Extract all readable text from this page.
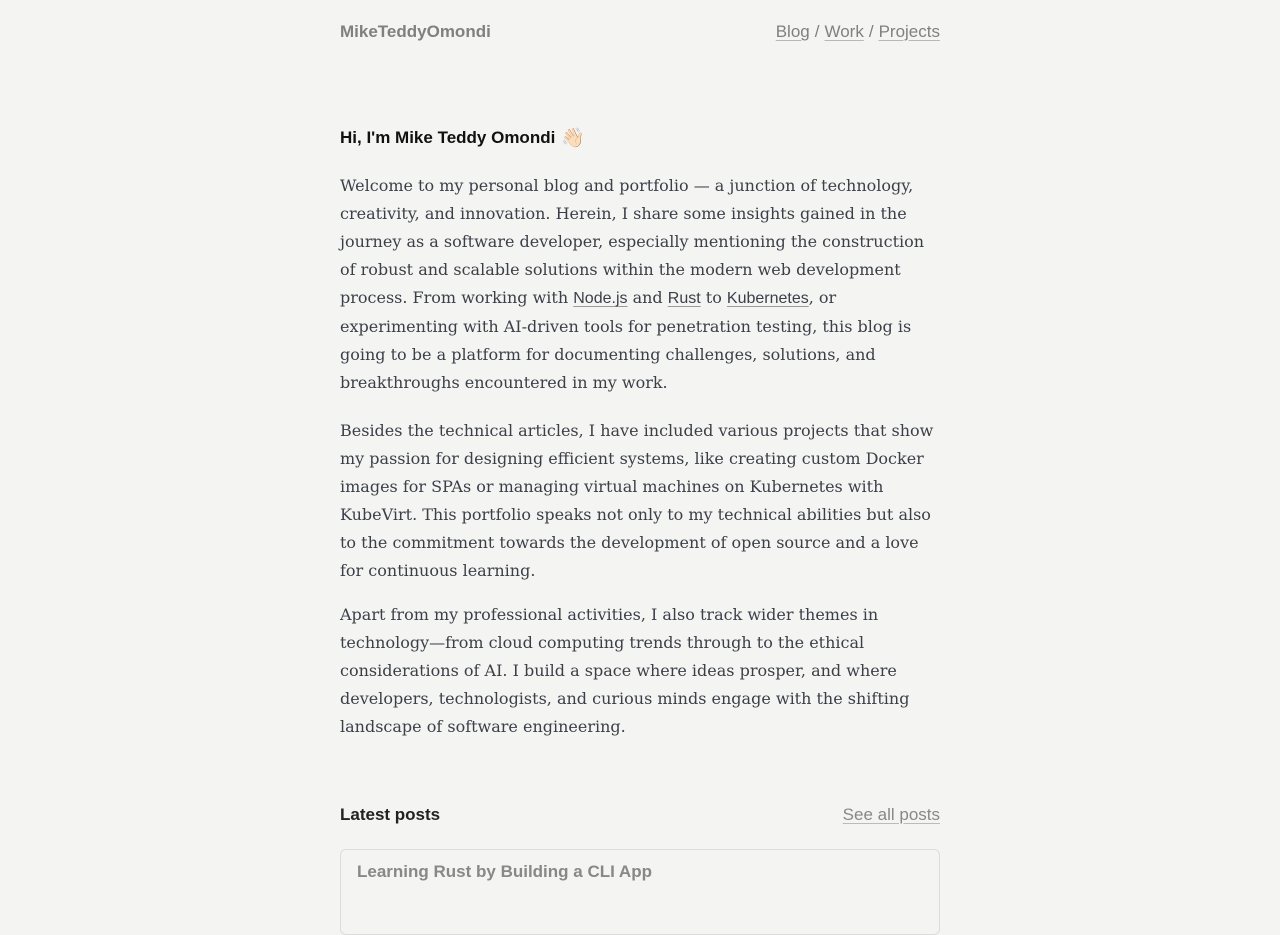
MikeTeddyOmondi	Blog / Work / Projects
Hi, I'm Mike Teddy Omondi 👋🏻
Welcome to my personal blog and portfolio — a junction of technology, creativity, and innovation. Herein, I share some insights gained in the journey as a software developer, especially mentioning the construction of robust and scalable solutions within the modern web development process. From working with Node.js and Rust to Kubernetes, or experimenting with AI-driven tools for penetration testing, this blog is going to be a platform for documenting challenges, solutions, and breakthroughs encountered in my work.
Besides the technical articles, I have included various projects that show my passion for designing efficient systems, like creating custom Docker images for SPAs or managing virtual machines on Kubernetes with KubeVirt. This portfolio speaks not only to my technical abilities but also to the commitment towards the development of open source and a love for continuous learning.
Apart from my professional activities, I also track wider themes in technology—from cloud computing trends through to the ethical considerations of AI. I build a space where ideas prosper, and where developers, technologists, and curious minds engage with the shifting landscape of software engineering.
Latest posts	See all posts
Learning Rust by Building a CLI App
